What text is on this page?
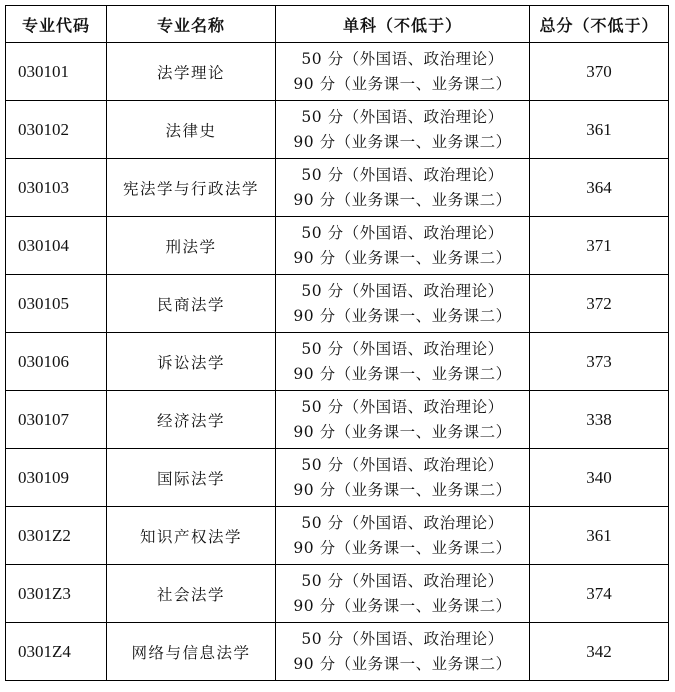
专业代码	专业名称	单科（不低于）	总分（不低于）
030101	法学理论	50 分（外国语、政治理论）
90 分（业务课一、业务课二）	370
030102	法律史	50 分（外国语、政治理论）
90 分（业务课一、业务课二）	361
030103	宪法学与行政法学	50 分（外国语、政治理论）
90 分（业务课一、业务课二）	364
030104	刑法学	50 分（外国语、政治理论）
90 分（业务课一、业务课二）	371
030105	民商法学	50 分（外国语、政治理论）
90 分（业务课一、业务课二）	372
030106	诉讼法学	50 分（外国语、政治理论）
90 分（业务课一、业务课二）	373
030107	经济法学	50 分（外国语、政治理论）
90 分（业务课一、业务课二）	338
030109	国际法学	50 分（外国语、政治理论）
90 分（业务课一、业务课二）	340
0301Z2	知识产权法学	50 分（外国语、政治理论）
90 分（业务课一、业务课二）	361
0301Z3	社会法学	50 分（外国语、政治理论）
90 分（业务课一、业务课二）	374
0301Z4	网络与信息法学	50 分（外国语、政治理论）
90 分（业务课一、业务课二）	342
